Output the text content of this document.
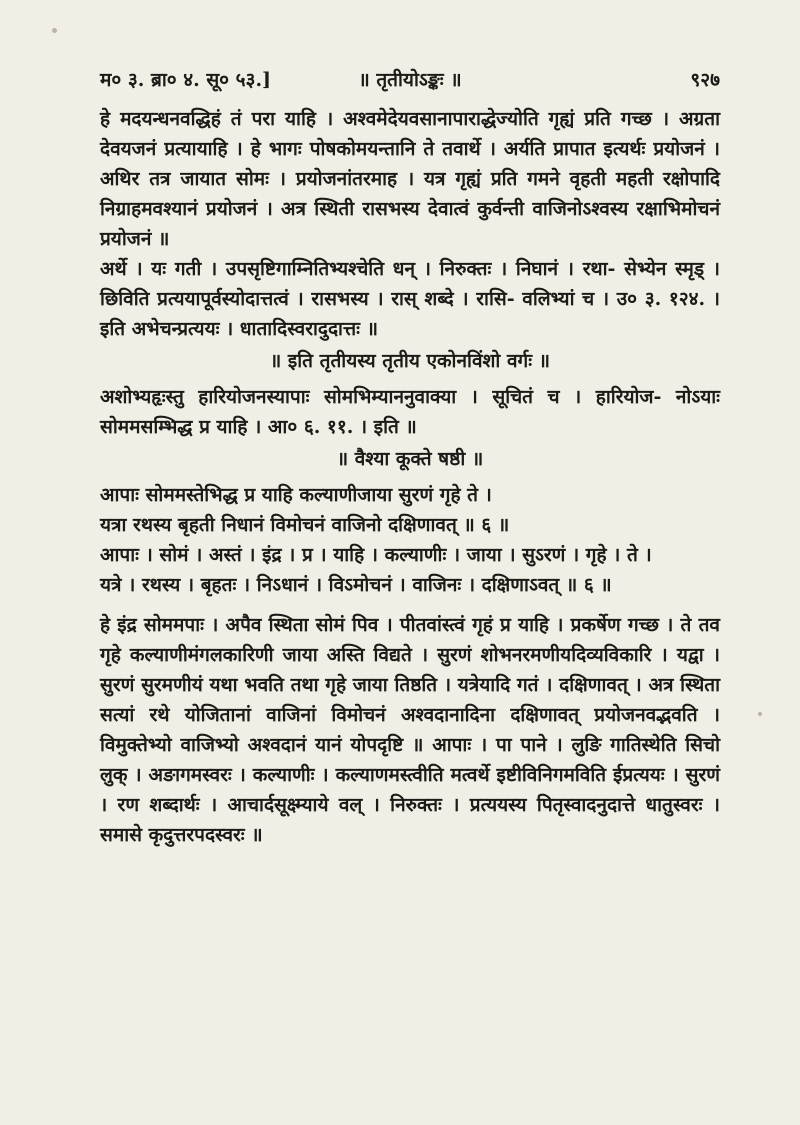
म० ३. ब्रा० ४. सू० ५३.]	॥ तृतीयोऽङ्कः ॥	९२७

हे मदयन्धनवद्धिहं तं परा याहि । अश्वमेदेयवसानापाराद्धेज्योति गृह्यं प्रति गच्छ । अग्रता देवयजनं प्रत्यायाहि । हे भागः पोषकोमयन्तानि ते तवार्थे । अर्यति प्रापात इत्यर्थः प्रयोजनं । अथिर तत्र जायात सोमः । प्रयोजनांतरमाह । यत्र गृह्यं प्रति गमने वृहती महती रक्षोपादि निग्राहमवश्यानं प्रयोजनं । अत्र स्थिती रासभस्य देवात्वं कुर्वन्ती वाजिनोऽश्वस्य रक्षाभिमोचनं प्रयोजनं ॥

अर्थे । यः गती । उपसृष्टिगाम्नितिभ्यश्चेति धन् । निरुक्तः । निघानं । रथा- सेभ्येन स्मृड् । छिविति प्रत्ययापूर्वस्योदात्तत्वं । रासभस्य । रास् शब्दे । रासि- वलिभ्यां च । उ० ३. १२४. । इति अभेचन्प्रत्ययः । धातादिस्वरादुदात्तः ॥

॥ इति तृतीयस्य तृतीय एकोनविंशो वर्गः ॥

अशोभ्यहृःस्तु हारियोजनस्यापाः सोमभिम्याननुवाक्या । सूचितं च । हारियोज- नोऽयाः सोममसम्भिद्ध प्र याहि । आ० ६. ११. । इति ॥

॥ वैश्या कूक्ते षष्ठी ॥

आपाः सोममस्तेभिद्ध प्र याहि कल्याणीजाया सुरणं गृहे ते ।

यत्रा रथस्य बृहती निधानं विमोचनं वाजिनो दक्षिणावत् ॥ ६ ॥

आपाः । सोमं । अस्तं । इंद्र । प्र । याहि । कल्याणीः । जाया । सुऽरणं । गृहे । ते ।

यत्रे । रथस्य । बृहतः । निऽधानं । विऽमोचनं । वाजिनः । दक्षिणाऽवत् ॥ ६ ॥

हे इंद्र सोममपाः । अपैव स्थिता सोमं पिव । पीतवांस्त्वं गृहं प्र याहि । प्रकर्षेण गच्छ । ते तव गृहे कल्याणीमंगलकारिणी जाया अस्ति विद्यते । सुरणं शोभनरमणीयदिव्यविकारि । यद्वा । सुरणं सुरमणीयं यथा भवति तथा गृहे जाया तिष्ठति । यत्रेयादि गतं । दक्षिणावत् । अत्र स्थिता सत्यां रथे योजितानां वाजिनां विमोचनं अश्वदानादिना दक्षिणावत् प्रयोजनवद्भवति । विमुक्तेभ्यो वाजिभ्यो अश्वदानं यानं योपदृष्टि ॥ आपाः । पा पाने । लुङि गातिस्थेति सिचो लुक् । अङागमस्वरः । कल्याणीः । कल्याणमस्त्वीति मत्वर्थे इष्टीविनिगमविति ईप्रत्ययः । सुरणं । रण शब्दार्थः । आचार्दसूक्ष्म्याये वल् । निरुक्तः । प्रत्ययस्य पितृस्वादनुदात्ते धातुस्वरः । समासे कृदुत्तरपदस्वरः ॥
